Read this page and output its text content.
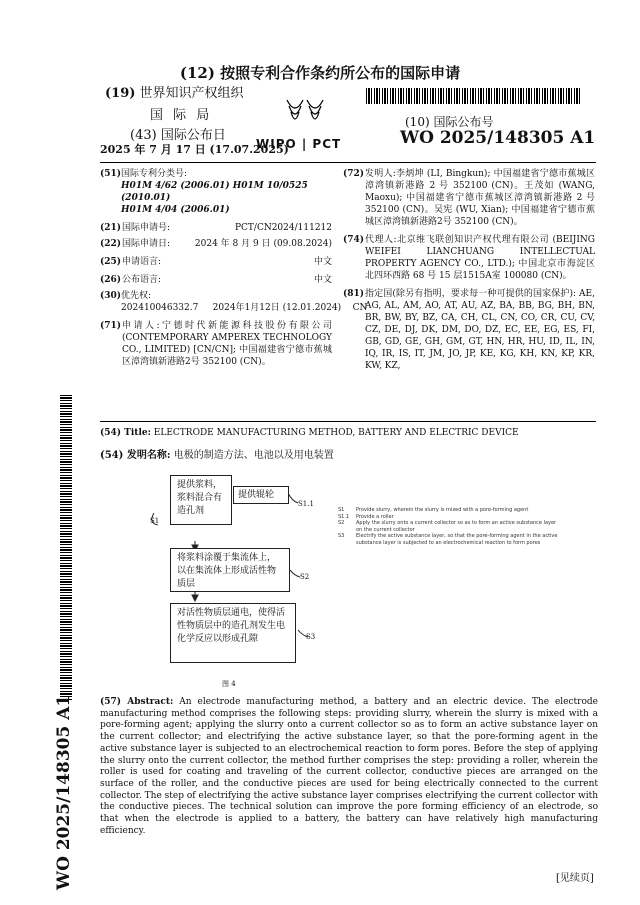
(12) 按照专利合作条约所公布的国际申请
(19) 世界知识产权组织
国 际 局
(43) 国际公布日
2025 年 7 月 17 日 (17.07.2025)
WIPO | PCT
(10) 国际公布号
WO 2025/148305 A1
(51) 国际专利分类号:
H01M 4/62 (2006.01) H01M 10/0525 (2010.01)
H01M 4/04 (2006.01)
(21) 国际申请号:	PCT/CN2024/111212
(22) 国际申请日:	2024 年 8 月 9 日 (09.08.2024)
(25) 申请语言:	中文
(26) 公布语言:	中文
(30) 优先权:
202410046332.7     2024年1月12日 (12.01.2024)    CN
(71) 申请人:宁德时代新能源科技股份有限公司 (CONTEMPORARY AMPEREX TECHNOLOGY CO., LIMITED) [CN/CN]; 中国福建省宁德市蕉城区漳湾镇新港路2号 352100 (CN)。
(72) 发明人:李炳坤 (LI, Bingkun); 中国福建省宁德市蕉城区漳湾镇新港路 2 号 352100 (CN)。王茂如 (WANG, Maoxu); 中国福建省宁德市蕉城区漳湾镇新港路 2 号 352100 (CN)。吴宪 (WU, Xian); 中国福建省宁德市蕉城区漳湾镇新港路2号 352100 (CN)。
(74) 代理人:北京维飞联创知识产权代理有限公司 (BEIJING WEIFEI LIANCHUANG INTELLECTUAL PROPERTY AGENCY CO., LTD.); 中国北京市海淀区北四环西路 68 号 15 层1515A室 100080 (CN)。
(81) 指定国(除另有指明，要求每一种可提供的国家保护): AE, AG, AL, AM, AO, AT, AU, AZ, BA, BB, BG, BH, BN, BR, BW, BY, BZ, CA, CH, CL, CN, CO, CR, CU, CV, CZ, DE, DJ, DK, DM, DO, DZ, EC, EE, EG, ES, FI, GB, GD, GE, GH, GM, GT, HN, HR, HU, ID, IL, IN, IQ, IR, IS, IT, JM, JO, JP, KE, KG, KH, KN, KP, KR, KW, KZ,
WO 2025/148305 A1
(54) Title: ELECTRODE MANUFACTURING METHOD, BATTERY AND ELECTRIC DEVICE
(54) 发明名称: 电极的制造方法、电池以及用电装置
提供浆料，浆料混合有造孔剂
提供辊轮
将浆料涂覆于集流体上，以在集流体上形成活性物质层
对活性物质层通电，使得活性物质层中的造孔剂发生电化学反应以形成孔隙
S1
S1.1
S2
S3
图 4
S1	Provide slurry, wherein the slurry is mixed with a pore-forming agent
S1.1	Provide a roller
S2	Apply the slurry onto a current collector so as to form an active substance layer on the current collector
S3	Electrify the active substance layer, so that the pore-forming agent in the active substance layer is subjected to an electrochemical reaction to form pores
(57) Abstract: An electrode manufacturing method, a battery and an electric device. The electrode manufacturing method comprises the following steps: providing slurry, wherein the slurry is mixed with a pore-forming agent; applying the slurry onto a current collector so as to form an active substance layer on the current collector; and electrifying the active substance layer, so that the pore-forming agent in the active substance layer is subjected to an electrochemical reaction to form pores. Before the step of applying the slurry onto the current collector, the method further comprises the step: providing a roller, wherein the roller is used for coating and traveling of the current collector, conductive pieces are arranged on the surface of the roller, and the conductive pieces are used for being electrically connected to the current collector. The step of electrifying the active substance layer comprises electrifying the current collector with the conductive pieces. The technical solution can improve the pore forming efficiency of an electrode, so that when the electrode is applied to a battery, the battery can have relatively high manufacturing efficiency.
[见续页]
